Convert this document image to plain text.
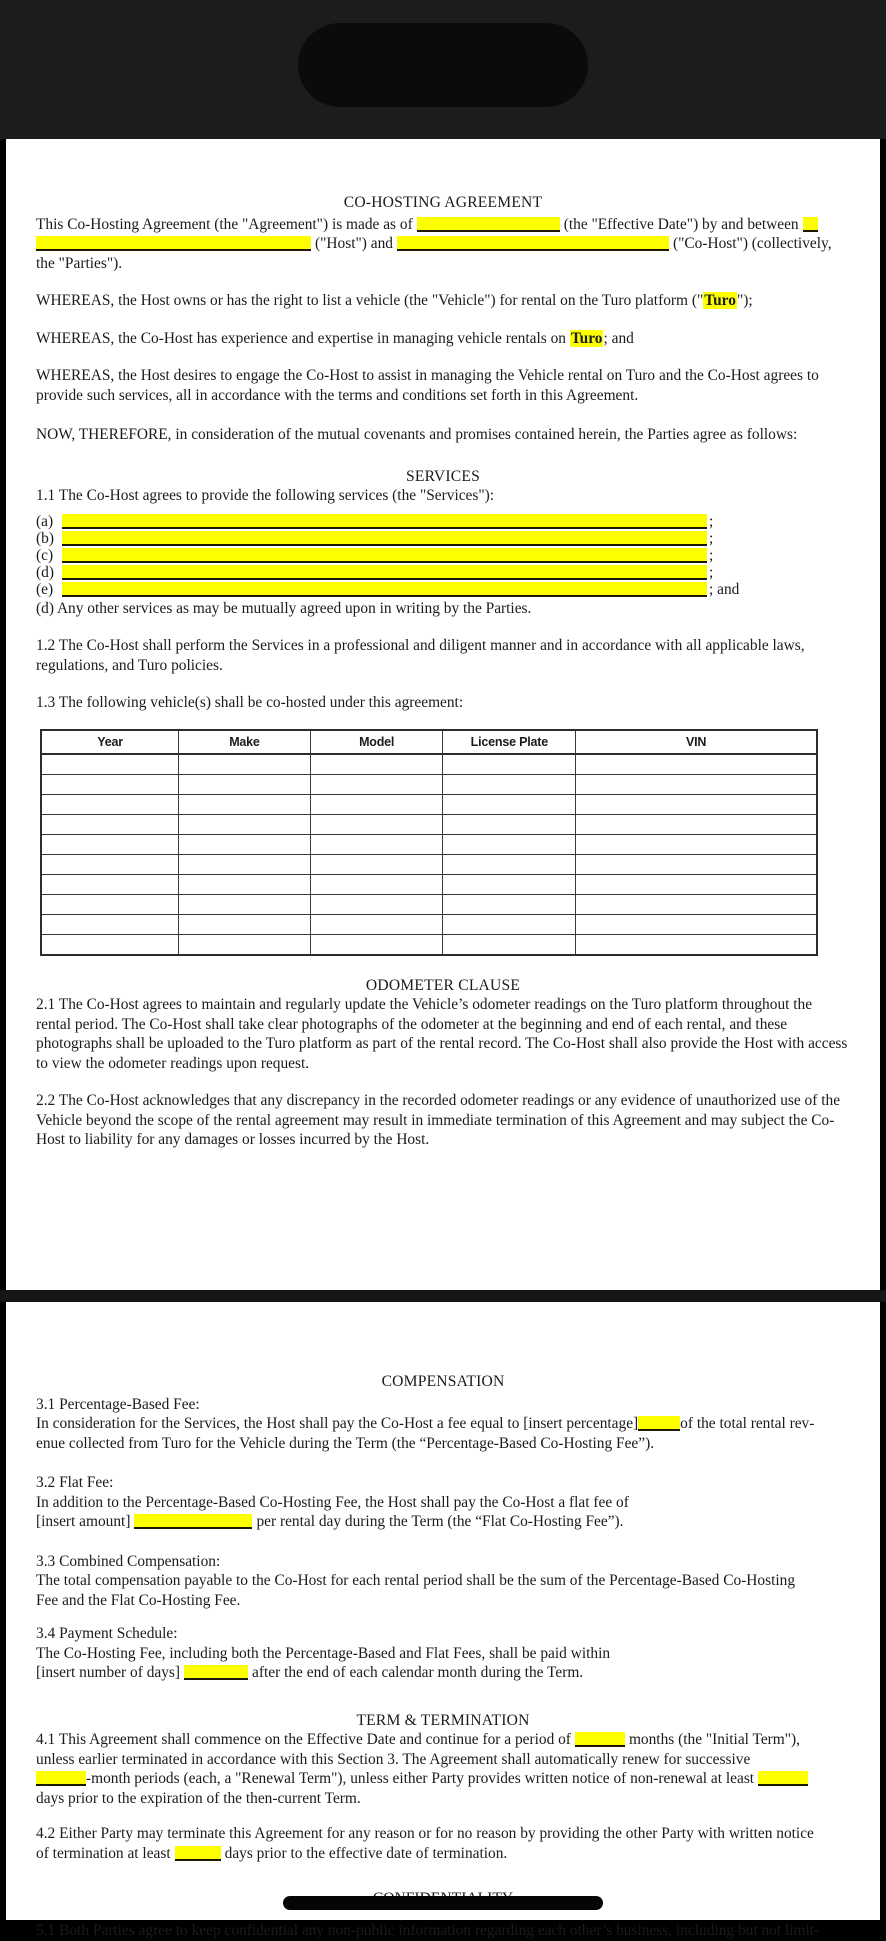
CO-HOSTING AGREEMENT
This Co-Hosting Agreement (the "Agreement") is made as of	(the "Effective Date") by and between
("Host") and	("Co-Host") (collectively,
the "Parties").

WHEREAS, the Host owns or has the right to list a vehicle (the "Vehicle") for rental on the Turo platform ("Turo");

WHEREAS, the Co-Host has experience and expertise in managing vehicle rentals on Turo; and

WHEREAS, the Host desires to engage the Co-Host to assist in managing the Vehicle rental on Turo and the Co-Host agrees to provide such services, all in accordance with the terms and conditions set forth in this Agreement.

NOW, THEREFORE, in consideration of the mutual covenants and promises contained herein, the Parties agree as follows:

SERVICES

1.1 The Co-Host agrees to provide the following services (the "Services"):

(a)	;
(b)	;
(c)	;
(d)	;
(e)	; and
(d) Any other services as may be mutually agreed upon in writing by the Parties.

1.2 The Co-Host shall perform the Services in a professional and diligent manner and in accordance with all applicable laws, regulations, and Turo policies.

1.3 The following vehicle(s) shall be co-hosted under this agreement:

Year	Make	Model	License Plate	VIN

ODOMETER CLAUSE

2.1 The Co-Host agrees to maintain and regularly update the Vehicle’s odometer readings on the Turo platform throughout the rental period. The Co-Host shall take clear photographs of the odometer at the beginning and end of each rental, and these photographs shall be uploaded to the Turo platform as part of the rental record. The Co-Host shall also provide the Host with access to view the odometer readings upon request.

2.2 The Co-Host acknowledges that any discrepancy in the recorded odometer readings or any evidence of unauthorized use of the Vehicle beyond the scope of the rental agreement may result in immediate termination of this Agreement and may subject the Co-Host to liability for any damages or losses incurred by the Host.

COMPENSATION
3.1 Percentage-Based Fee:
In consideration for the Services, the Host shall pay the Co-Host a fee equal to [insert percentage]	of the total rental rev-
enue collected from Turo for the Vehicle during the Term (the “Percentage-Based Co-Hosting Fee”).
3.2 Flat Fee:
In addition to the Percentage-Based Co-Hosting Fee, the Host shall pay the Co-Host a flat fee of
[insert amount]	per rental day during the Term (the “Flat Co-Hosting Fee”).
3.3 Combined Compensation:
The total compensation payable to the Co-Host for each rental period shall be the sum of the Percentage-Based Co-Hosting
Fee and the Flat Co-Hosting Fee.
3.4 Payment Schedule:
The Co-Hosting Fee, including both the Percentage-Based and Flat Fees, shall be paid within
[insert number of days]	after the end of each calendar month during the Term.
TERM & TERMINATION
4.1 This Agreement shall commence on the Effective Date and continue for a period of	months (the "Initial Term"),
unless earlier terminated in accordance with this Section 3. The Agreement shall automatically renew for successive
-month periods (each, a "Renewal Term"), unless either Party provides written notice of non-renewal at least
days prior to the expiration of the then-current Term.
4.2 Either Party may terminate this Agreement for any reason or for no reason by providing the other Party with written notice
of termination at least	days prior to the effective date of termination.
5.1 Both Parties agree to keep confidential any non-public information regarding each other’s business, including but not limit-
